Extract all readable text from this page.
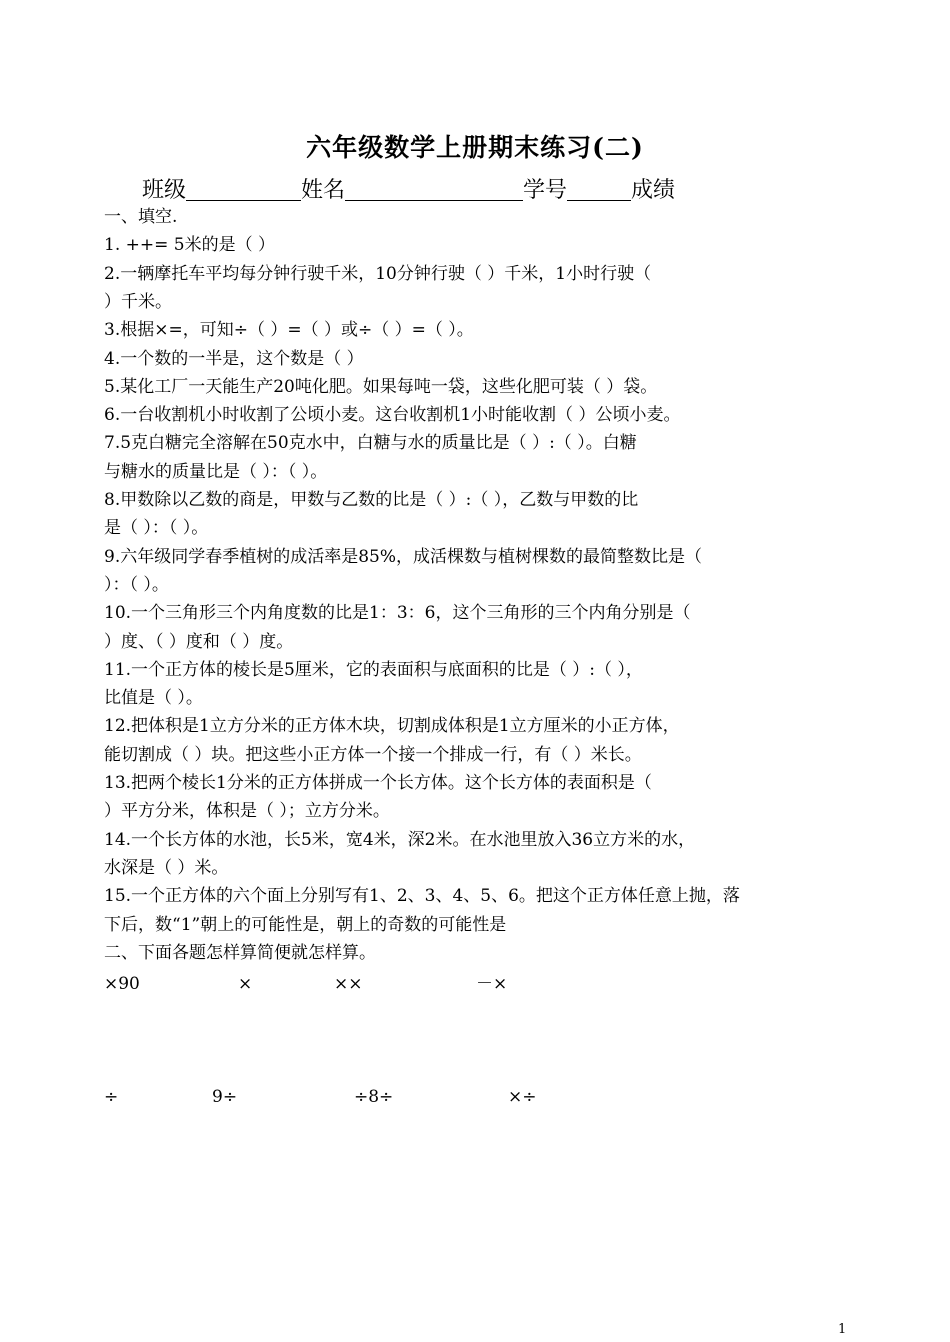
六年级数学上册期末练习(二)
班级	姓名	学号	成绩
一、填空.
1. ++= 5米的是（ ）
2.一辆摩托车平均每分钟行驶千米，10分钟行驶（ ）千米，1小时行驶（
）千米。
3.根据×=，可知÷（ ）=（ ）或÷（ ）=（ ）。
4.一个数的一半是，这个数是（ ）
5.某化工厂一天能生产20吨化肥。如果每吨一袋，这些化肥可装（ ）袋。
6.一台收割机小时收割了公顷小麦。这台收割机1小时能收割（ ）公顷小麦。
7.5克白糖完全溶解在50克水中，白糖与水的质量比是（ ）:（ ）。白糖
与糖水的质量比是（ ）：（ ）。
8.甲数除以乙数的商是，甲数与乙数的比是（ ）:（ ），乙数与甲数的比
是（ ）：（ ）。
9.六年级同学春季植树的成活率是85%，成活棵数与植树棵数的最简整数比是（
）：（ ）。
10.一个三角形三个内角度数的比是1：3：6，这个三角形的三个内角分别是（
）度、（ ）度和（ ）度。
11.一个正方体的棱长是5厘米，它的表面积与底面积的比是（ ）:（ ），
比值是（ ）。
12.把体积是1立方分米的正方体木块，切割成体积是1立方厘米的小正方体，
能切割成（ ）块。把这些小正方体一个接一个排成一行，有（ ）米长。
13.把两个棱长1分米的正方体拼成一个长方体。这个长方体的表面积是（
）平方分米，体积是（ ）；立方分米。
14.一个长方体的水池，长5米，宽4米，深2米。在水池里放入36立方米的水，
水深是（ ）米。
15.一个正方体的六个面上分别写有1、2、3、4、5、6。把这个正方体任意上抛，落
下后，数“1”朝上的可能性是，朝上的奇数的可能性是
二、下面各题怎样算简便就怎样算。
×90	×	××	－×
÷	9÷	÷8÷	×÷
1
